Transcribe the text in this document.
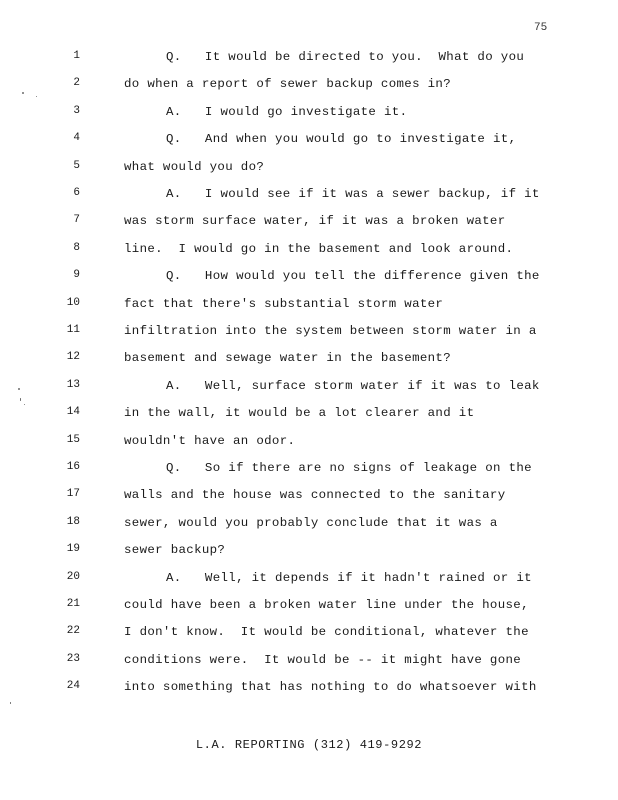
75
1	Q.   It would be directed to you.  What do you
2	do when a report of sewer backup comes in?
3	A.   I would go investigate it.
4	Q.   And when you would go to investigate it,
5	what would you do?
6	A.   I would see if it was a sewer backup, if it
7	was storm surface water, if it was a broken water
8	line.  I would go in the basement and look around.
9	Q.   How would you tell the difference given the
10	fact that there's substantial storm water
11	infiltration into the system between storm water in a
12	basement and sewage water in the basement?
13	A.   Well, surface storm water if it was to leak
14	in the wall, it would be a lot clearer and it
15	wouldn't have an odor.
16	Q.   So if there are no signs of leakage on the
17	walls and the house was connected to the sanitary
18	sewer, would you probably conclude that it was a
19	sewer backup?
20	A.   Well, it depends if it hadn't rained or it
21	could have been a broken water line under the house,
22	I don't know.  It would be conditional, whatever the
23	conditions were.  It would be -- it might have gone
24	into something that has nothing to do whatsoever with
L.A. REPORTING (312) 419-9292
